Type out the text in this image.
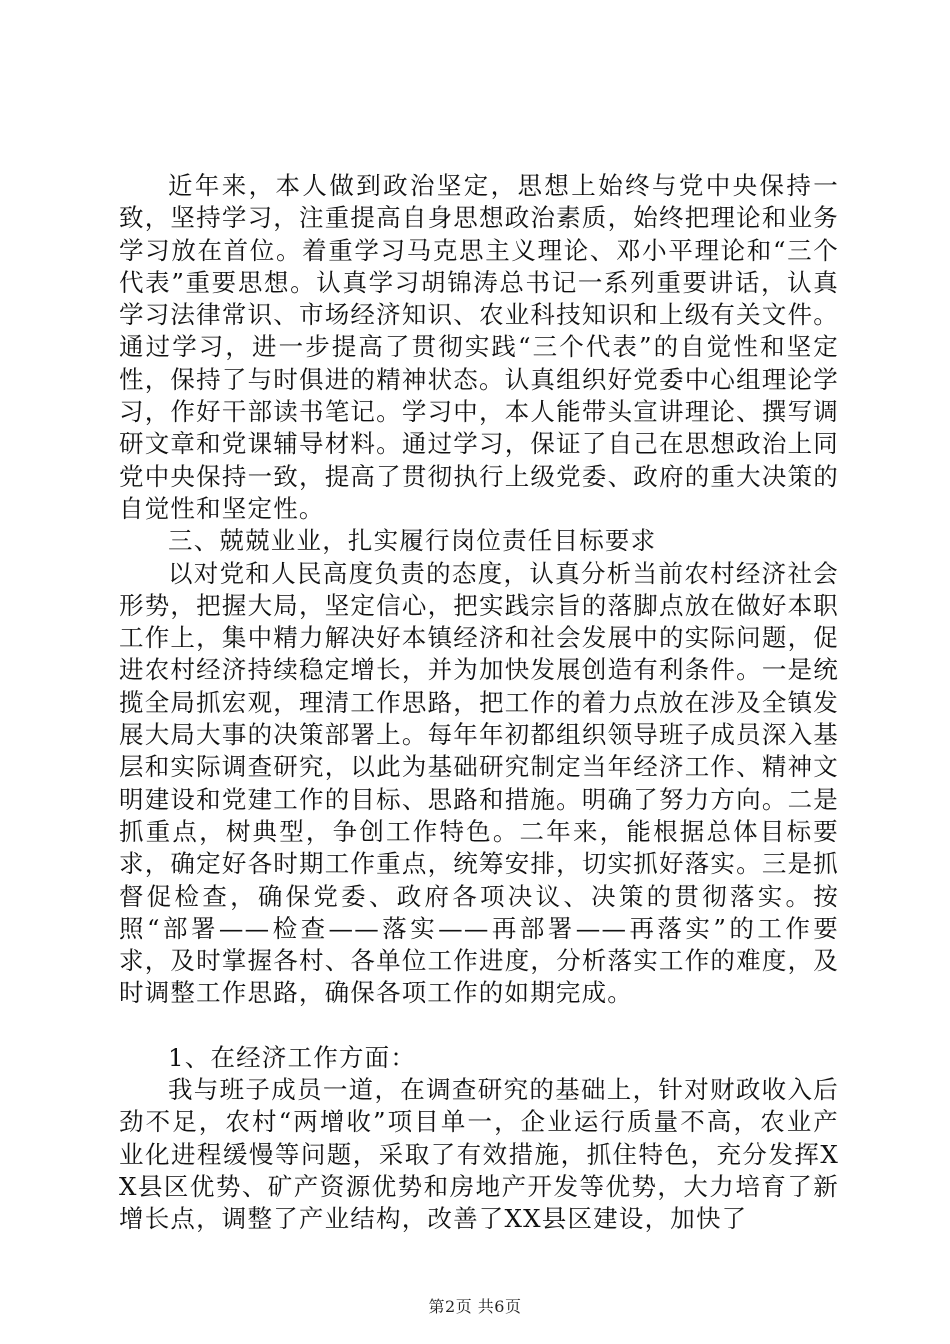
近年来，本人做到政治坚定，思想上始终与党中央保持一致，坚持学习，注重提高自身思想政治素质，始终把理论和业务学习放在首位。着重学习马克思主义理论、邓小平理论和“三个代表”重要思想。认真学习胡锦涛总书记一系列重要讲话，认真学习法律常识、市场经济知识、农业科技知识和上级有关文件。通过学习，进一步提高了贯彻实践“三个代表”的自觉性和坚定性，保持了与时俱进的精神状态。认真组织好党委中心组理论学习，作好干部读书笔记。学习中，本人能带头宣讲理论、撰写调研文章和党课辅导材料。通过学习，保证了自己在思想政治上同党中央保持一致，提高了贯彻执行上级党委、政府的重大决策的自觉性和坚定性。

三、兢兢业业，扎实履行岗位责任目标要求

以对党和人民高度负责的态度，认真分析当前农村经济社会形势，把握大局，坚定信心，把实践宗旨的落脚点放在做好本职工作上，集中精力解决好本镇经济和社会发展中的实际问题，促进农村经济持续稳定增长，并为加快发展创造有利条件。一是统揽全局抓宏观，理清工作思路，把工作的着力点放在涉及全镇发展大局大事的决策部署上。每年年初都组织领导班子成员深入基层和实际调查研究，以此为基础研究制定当年经济工作、精神文明建设和党建工作的目标、思路和措施。明确了努力方向。二是抓重点，树典型，争创工作特色。二年来，能根据总体目标要求，确定好各时期工作重点，统筹安排，切实抓好落实。三是抓督促检查，确保党委、政府各项决议、决策的贯彻落实。按照“部署——检查——落实——再部署——再落实”的工作要求，及时掌握各村、各单位工作进度，分析落实工作的难度，及时调整工作思路，确保各项工作的如期完成。

1、在经济工作方面：

我与班子成员一道，在调查研究的基础上，针对财政收入后劲不足，农村“两增收”项目单一，企业运行质量不高，农业产业化进程缓慢等问题，采取了有效措施，抓住特色，充分发挥XX县区优势、矿产资源优势和房地产开发等优势，大力培育了新增长点，调整了产业结构，改善了XX县区建设，加快了

第2页 共6页
